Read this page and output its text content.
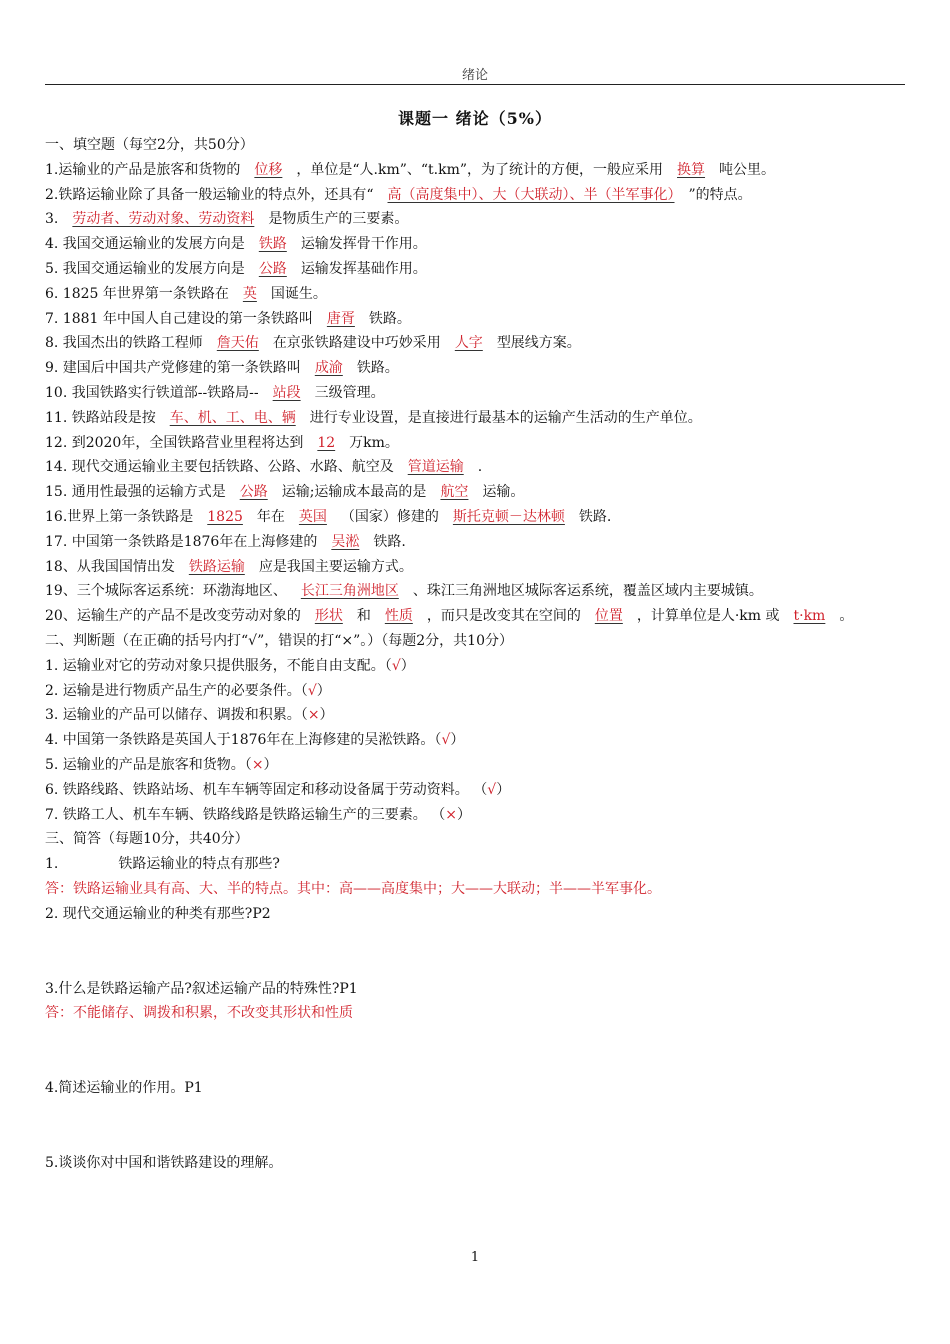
绪论
课题一 绪论（5%）
一、填空题（每空2分，共50分）
1.运输业的产品是旅客和货物的 位移 ，单位是“人.km”、“t.km”，为了统计的方便，一般应采用 换算 吨公里。
2.铁路运输业除了具备一般运输业的特点外，还具有“ 高（高度集中）、大（大联动）、半（半军事化） ”的特点。
3. 劳动者、劳动对象、劳动资料 是物质生产的三要素。
4. 我国交通运输业的发展方向是 铁路 运输发挥骨干作用。
5. 我国交通运输业的发展方向是 公路 运输发挥基础作用。
6. 1825 年世界第一条铁路在 英 国诞生。
7. 1881 年中国人自己建设的第一条铁路叫 唐胥 铁路。
8. 我国杰出的铁路工程师 詹天佑 在京张铁路建设中巧妙采用 人字 型展线方案。
9. 建国后中国共产党修建的第一条铁路叫 成渝 铁路。
10. 我国铁路实行铁道部--铁路局-- 站段 三级管理。
11. 铁路站段是按 车、机、工、电、辆 进行专业设置，是直接进行最基本的运输产生活动的生产单位。
12. 到2020年，全国铁路营业里程将达到 12 万km。
14. 现代交通运输业主要包括铁路、公路、水路、航空及 管道运输 .
15. 通用性最强的运输方式是 公路 运输;运输成本最高的是 航空 运输。
16.世界上第一条铁路是 1825 年在 英国 （国家）修建的 斯托克顿－达林顿 铁路.
17. 中国第一条铁路是1876年在上海修建的 吴淞 铁路.
18、从我国国情出发 铁路运输 应是我国主要运输方式。
19、三个城际客运系统：环渤海地区、 长江三角洲地区 、珠江三角洲地区城际客运系统，覆盖区域内主要城镇。
20、运输生产的产品不是改变劳动对象的 形状 和 性质 ，而只是改变其在空间的 位置 ，计算单位是人·km 或 t·km 。
二、判断题（在正确的括号内打“√”，错误的打“×”。）（每题2分，共10分）
1. 运输业对它的劳动对象只提供服务，不能自由支配。（√）
2. 运输是进行物质产品生产的必要条件。（√）
3. 运输业的产品可以储存、调拨和积累。（×）
4. 中国第一条铁路是英国人于1876年在上海修建的吴淞铁路。（√）
5. 运输业的产品是旅客和货物。（×）
6. 铁路线路、铁路站场、机车车辆等固定和移动设备属于劳动资料。 （√）
7. 铁路工人、机车车辆、铁路线路是铁路运输生产的三要素。 （×）
三、简答（每题10分，共40分）
1.	铁路运输业的特点有那些?
答：铁路运输业具有高、大、半的特点。其中：高——高度集中；大——大联动；半——半军事化。
2. 现代交通运输业的种类有那些?P2
3.什么是铁路运输产品?叙述运输产品的特殊性?P1
答：不能储存、调拨和积累，不改变其形状和性质
4.简述运输业的作用。P1
5.谈谈你对中国和谐铁路建设的理解。
1
